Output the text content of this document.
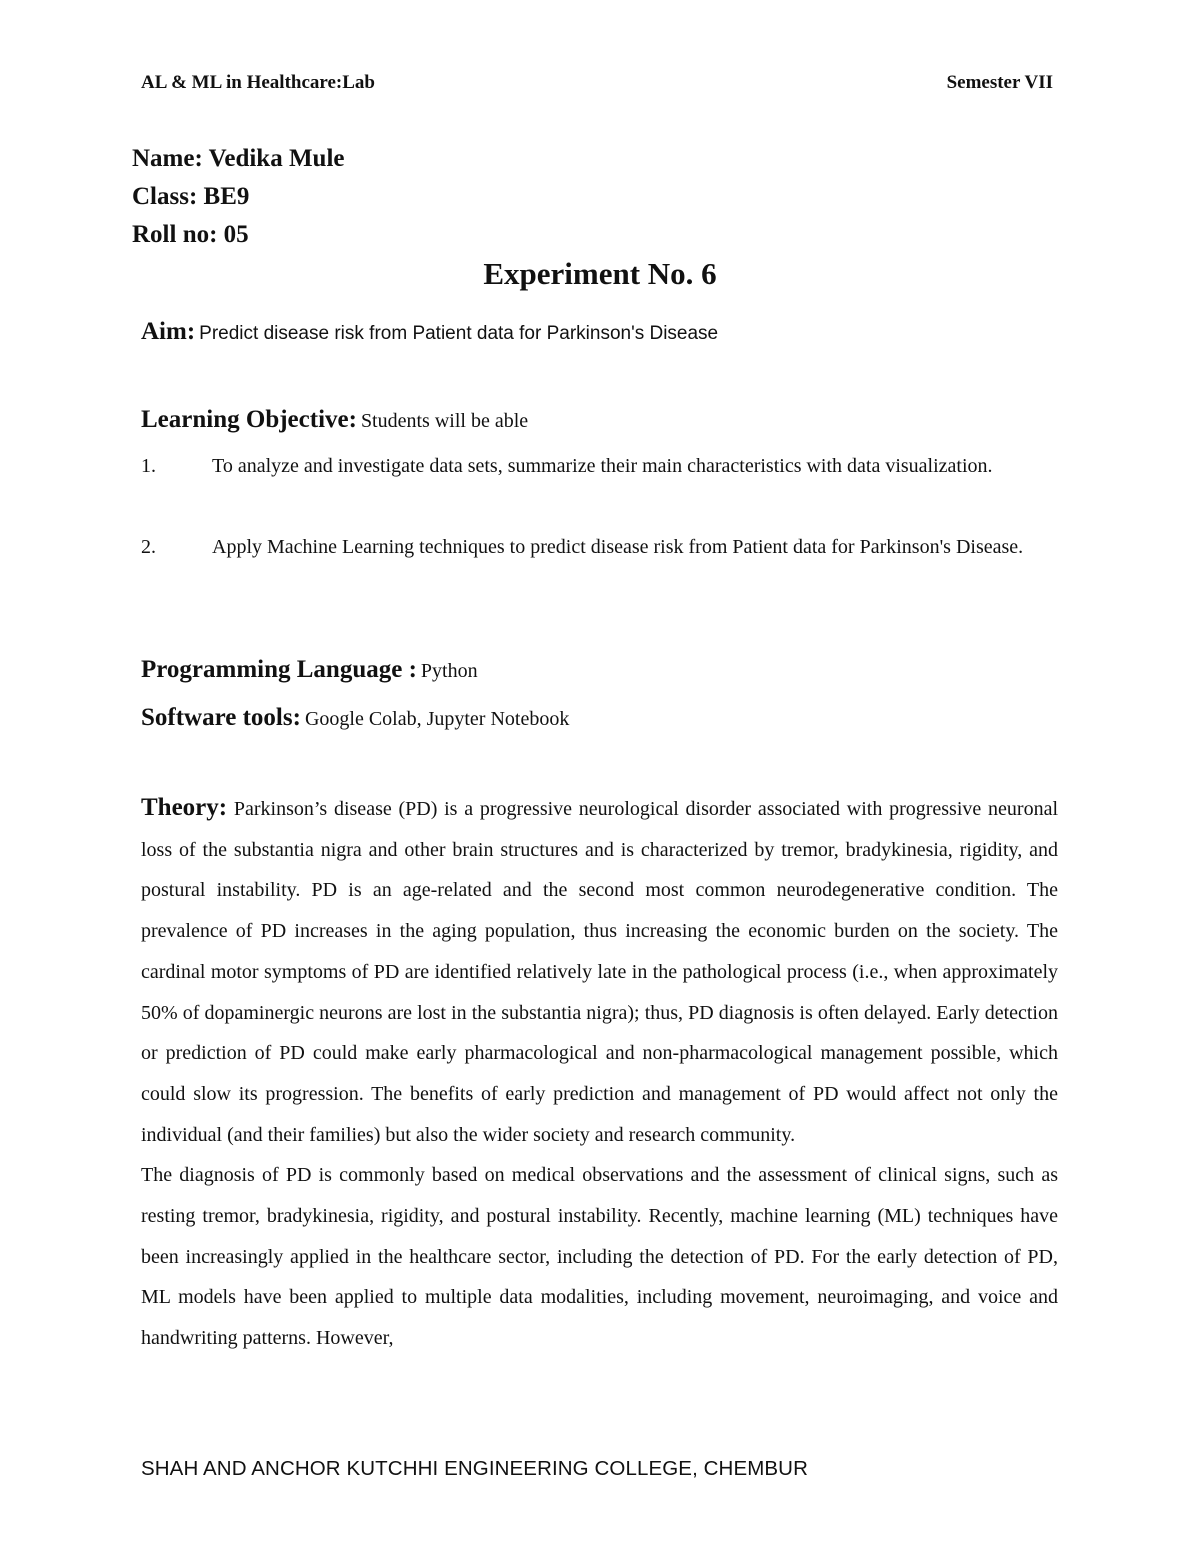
AL & ML in Healthcare:Lab	Semester VII
Name: Vedika Mule
Class: BE9
Roll no: 05
Experiment No. 6
Aim: Predict disease risk from Patient data for Parkinson's Disease
Learning Objective: Students will be able
1.	To analyze and investigate data sets, summarize their main characteristics with data visualization.
2.	Apply Machine Learning techniques to predict disease risk from Patient data for Parkinson's Disease.
Programming Language : Python
Software tools: Google Colab, Jupyter Notebook

Theory: Parkinson’s disease (PD) is a progressive neurological disorder associated with progressive neuronal loss of the substantia nigra and other brain structures and is characterized by tremor, bradykinesia, rigidity, and postural instability. PD is an age-related and the second most common neurodegenerative condition. The prevalence of PD increases in the aging population, thus increasing the economic burden on the society. The cardinal motor symptoms of PD are identified relatively late in the pathological process (i.e., when approximately 50% of dopaminergic neurons are lost in the substantia nigra); thus, PD diagnosis is often delayed. Early detection or prediction of PD could make early pharmacological and non-pharmacological management possible, which could slow its progression. The benefits of early prediction and management of PD would affect not only the individual (and their families) but also the wider society and research community.

The diagnosis of PD is commonly based on medical observations and the assessment of clinical signs, such as resting tremor, bradykinesia, rigidity, and postural instability. Recently, machine learning (ML) techniques have been increasingly applied in the healthcare sector, including the detection of PD. For the early detection of PD, ML models have been applied to multiple data modalities, including movement, neuroimaging, and voice and handwriting patterns. However,

SHAH AND ANCHOR KUTCHHI ENGINEERING COLLEGE, CHEMBUR
